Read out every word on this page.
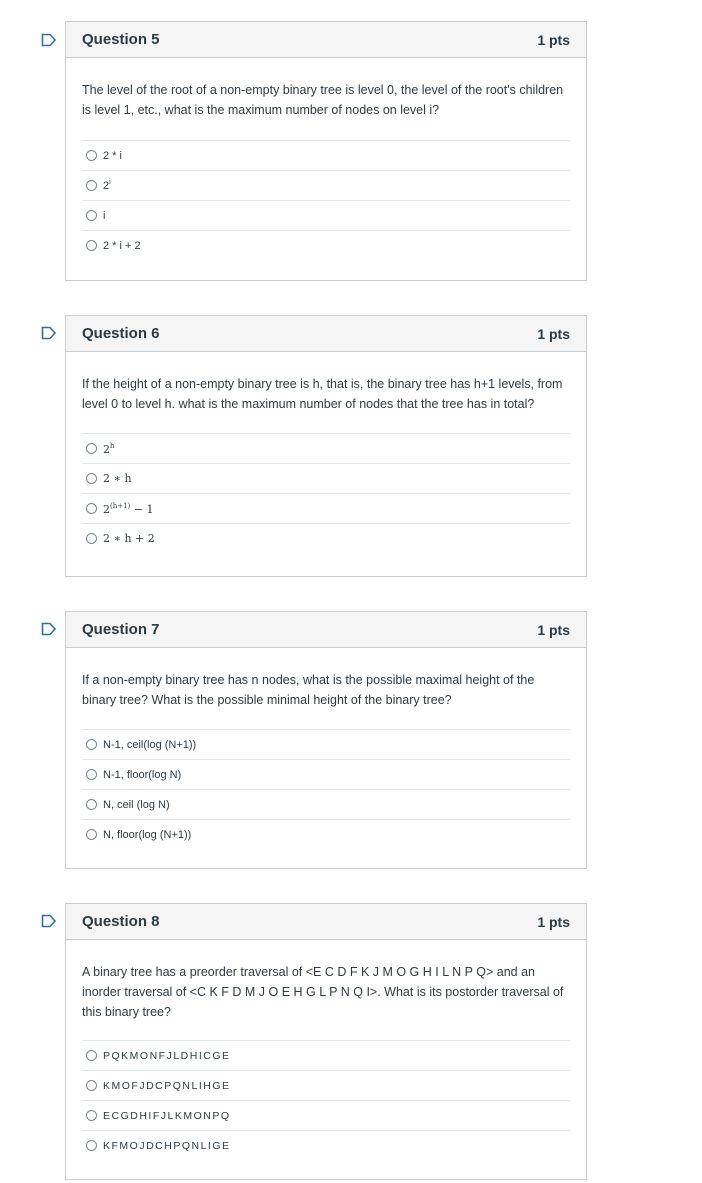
Question 5	1 pts
The level of the root of a non-empty binary tree is level 0, the level of the root's children is level 1, etc., what is the maximum number of nodes on level i?
2 * i
2$^i$
i
2 * i + 2
Question 6	1 pts
If the height of a non-empty binary tree is h, that is, the binary tree has h+1 levels, from level 0 to level h. what is the maximum number of nodes that the tree has in total?
2$^h$
2 ∗ h
$2^{(h+1)} - 1$
2 ∗ h + 2
Question 7	1 pts
If a non-empty binary tree has n nodes, what is the possible maximal height of the binary tree? What is the possible minimal height of the binary tree?
N-1, ceil(log (N+1))
N-1, floor(log N)
N, ceil (log N)
N, floor(log (N+1))
Question 8	1 pts
A binary tree has a preorder traversal of <E C D F K J M O G H I L N P Q> and an inorder traversal of <C K F D M J O E H G L P N Q I>. What is its postorder traversal of this binary tree?
PQKMONFJLDHICGE
KMOFJDCPQNLIHGE
ECGDHIFJLKMONPQ
KFMOJDCHPQNLIGE
